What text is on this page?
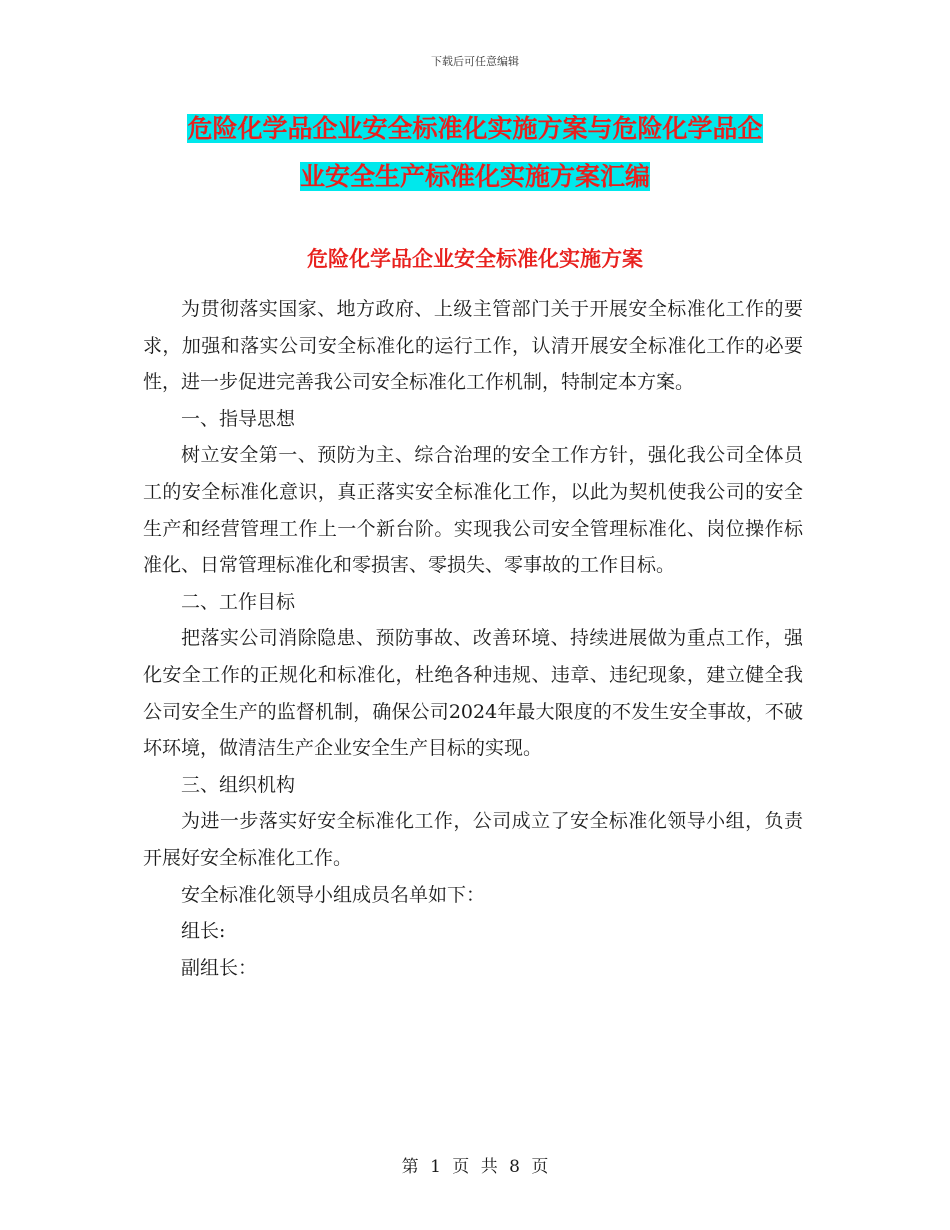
下载后可任意编辑
危险化学品企业安全标准化实施方案与危险化学品企
业安全生产标准化实施方案汇编
危险化学品企业安全标准化实施方案

为贯彻落实国家、地方政府、上级主管部门关于开展安全标准化工作的要求，加强和落实公司安全标准化的运行工作，认清开展安全标准化工作的必要性，进一步促进完善我公司安全标准化工作机制，特制定本方案。

一、指导思想

树立安全第一、预防为主、综合治理的安全工作方针，强化我公司全体员工的安全标准化意识，真正落实安全标准化工作，以此为契机使我公司的安全生产和经营管理工作上一个新台阶。实现我公司安全管理标准化、岗位操作标准化、日常管理标准化和零损害、零损失、零事故的工作目标。

二、工作目标

把落实公司消除隐患、预防事故、改善环境、持续进展做为重点工作，强化安全工作的正规化和标准化，杜绝各种违规、违章、违纪现象，建立健全我公司安全生产的监督机制，确保公司2024年最大限度的不发生安全事故，不破坏环境，做清洁生产企业安全生产目标的实现。

三、组织机构

为进一步落实好安全标准化工作，公司成立了安全标准化领导小组，负责开展好安全标准化工作。

安全标准化领导小组成员名单如下：

组长:

副组长：

第 1 页 共 8 页
